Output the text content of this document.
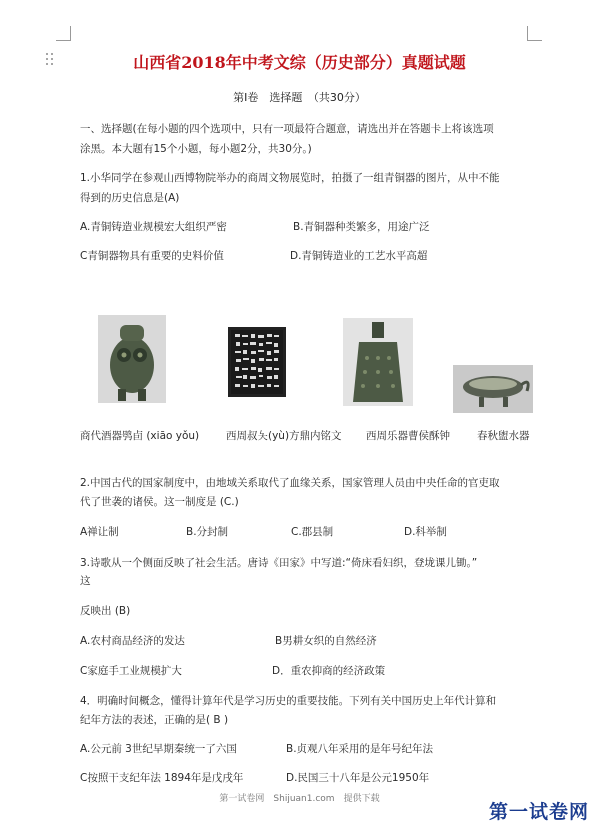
山西省2018年中考文综（历史部分）真题试题
第Ⅰ卷　选择题　（共30分）
一、选择题(在每小题的四个选项中，只有一项最符合题意，请选出并在答题卡上将该选项
涂黑。本大题有15个小题，每小题2分，共30分。)
1.小华同学在参观山西博物院举办的商周文物展览时，拍摄了一组青铜器的图片，从中不能
得到的历史信息是(A)
A.青铜铸造业规模宏大组织严密	B.青铜器种类繁多，用途广泛
C青铜器物具有重要的史料价值	D.青铜铸造业的工艺水平高超
商代酒器鸮卣 (xiāo yǒu)	西周叔夨(yù)方鼎内铭文 西周乐器曹侯酥钟	春秋盥水器
2.中国古代的国家制度中，由地域关系取代了血缘关系，国家管理人员由中央任命的官吏取
代了世袭的诸侯。这一制度是 (C.)
A禅让制	B.分封制	C.郡县制	D.科举制
3.诗歌从一个侧面反映了社会生活。唐诗《田家》中写道:“倚床看妇织，登垅课儿锄。”
这
反映出 (B)
A.农村商品经济的发达	B男耕女织的自然经济
C家庭手工业规模扩大	D．重农抑商的经济政策
4．明确时间概念，懂得计算年代是学习历史的重要技能。下列有关中国历史上年代计算和
纪年方法的表述，正确的是( B )
A.公元前 3世纪早期秦统一了六国	B.贞观八年采用的是年号纪年法
C按照干支纪年法 1894年是戊戌年	D.民国三十八年是公元1950年
第一试卷网　Shijuan1.com　提供下载
第一试卷网
